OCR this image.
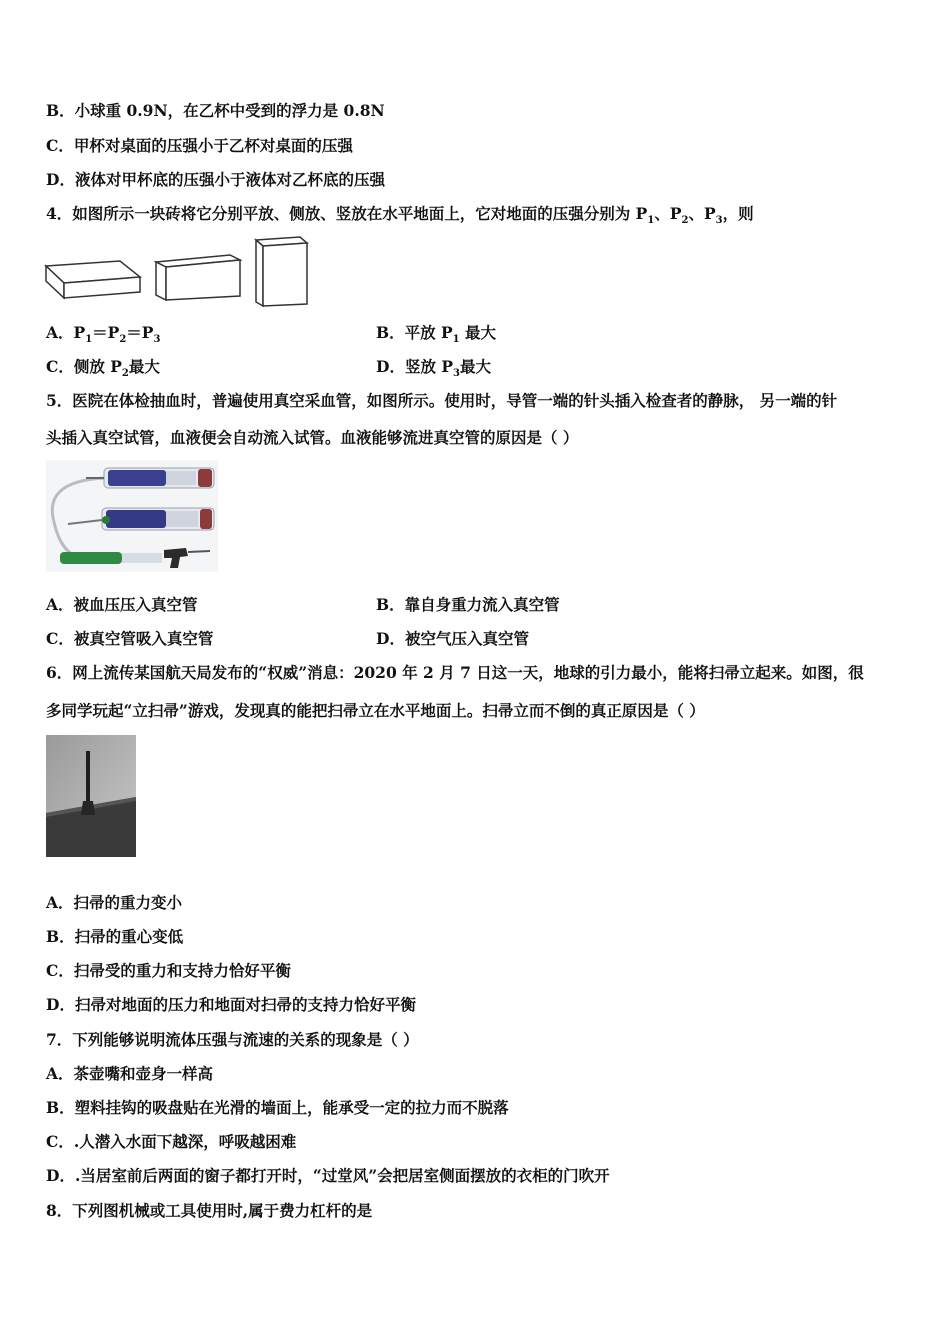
B．小球重 0.9N，在乙杯中受到的浮力是 0.8N
C．甲杯对桌面的压强小于乙杯对桌面的压强
D．液体对甲杯底的压强小于液体对乙杯底的压强
4．如图所示一块砖将它分别平放、侧放、竖放在水平地面上，它对地面的压强分别为 $P_1$、$P_2$、$P_3$，则
A．$P_1=P_2=P_3$	B．平放 $P_1$ 最大
C．侧放 $P_2$最大	D．竖放 $P_3$最大
5．医院在体检抽血时，普遍使用真空采血管，如图所示。使用时，导管一端的针头插入检查者的静脉， 另一端的针
头插入真空试管，血液便会自动流入试管。血液能够流进真空管的原因是（ ）
A．被血压压入真空管	B．靠自身重力流入真空管
C．被真空管吸入真空管	D．被空气压入真空管
6．网上流传某国航天局发布的“权威”消息：2020 年 2 月 7 日这一天，地球的引力最小，能将扫帚立起来。如图，很
多同学玩起“立扫帚”游戏，发现真的能把扫帚立在水平地面上。扫帚立而不倒的真正原因是（ ）
A．扫帚的重力变小
B．扫帚的重心变低
C．扫帚受的重力和支持力恰好平衡
D．扫帚对地面的压力和地面对扫帚的支持力恰好平衡
7．下列能够说明流体压强与流速的关系的现象是（ ）
A．茶壶嘴和壶身一样高
B．塑料挂钩的吸盘贴在光滑的墙面上，能承受一定的拉力而不脱落
C．.人潜入水面下越深，呼吸越困难
D．.当居室前后两面的窗子都打开时，“过堂风”会把居室侧面摆放的衣柜的门吹开
8．下列图机械或工具使用时,属于费力杠杆的是
